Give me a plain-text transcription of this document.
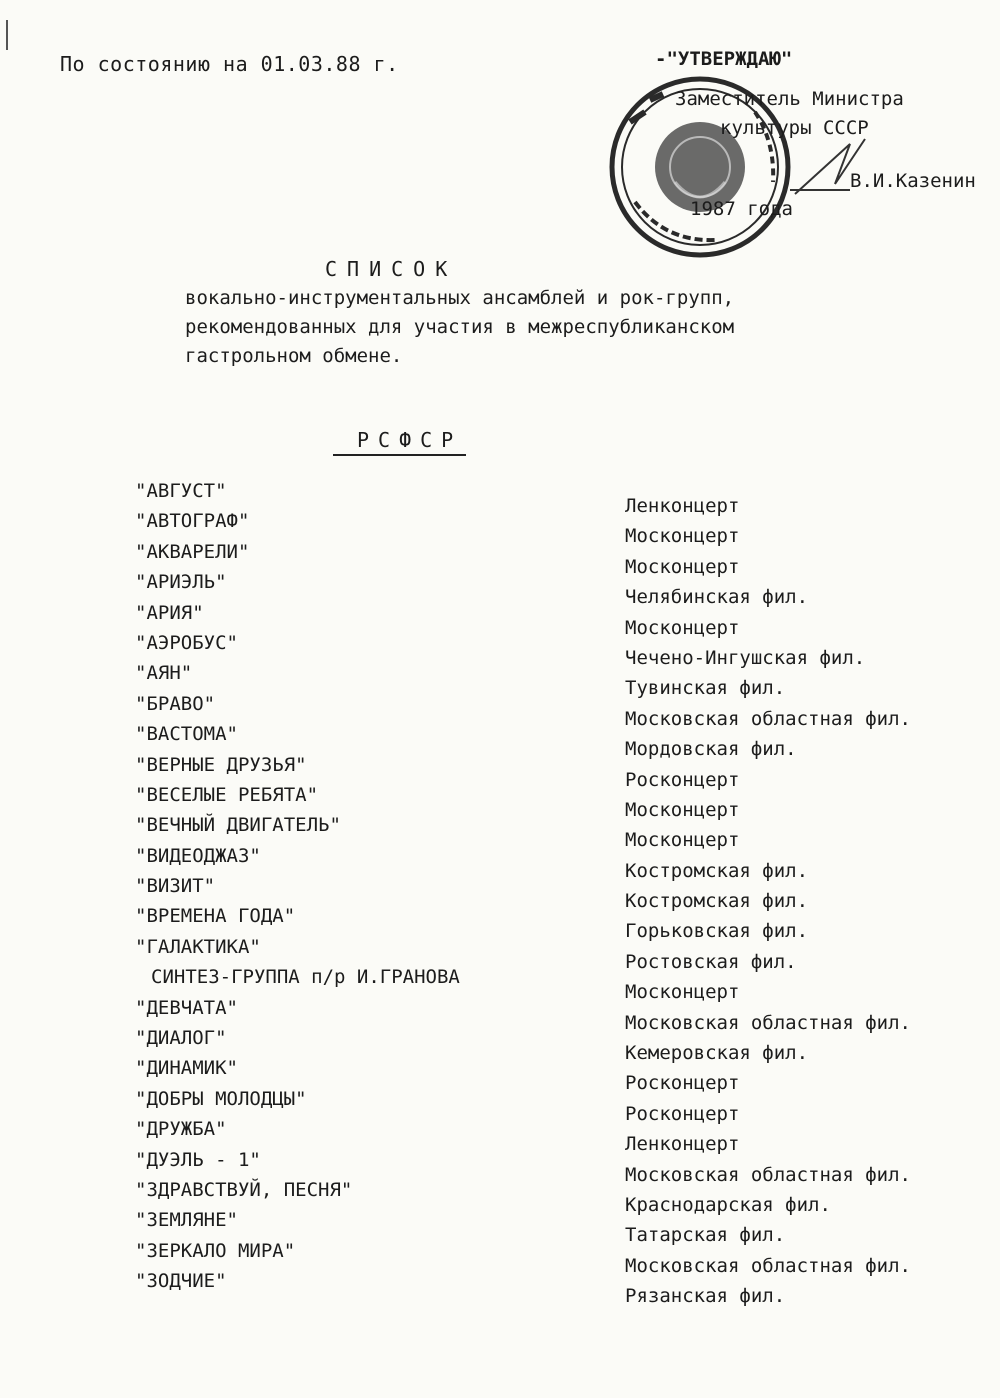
По состоянию на 01.03.88 г.	-"УТВЕРЖДАЮ"
Заместитель Министра
культуры СССР
В.И.Казенин
1987 года
СПИСОК
вокально-инструментальных ансамблей и рок-групп,
рекомендованных для участия в межреспубликанском
гастрольном обмене.
РСФСР
"АВГУСТ"
"АВТОГРАФ"
"АКВАРЕЛИ"
"АРИЭЛЬ"
"АРИЯ"
"АЭРОБУС"
"АЯН"
"БРАВО"
"ВАСТОМА"
"ВЕРНЫЕ ДРУЗЬЯ"
"ВЕСЕЛЫЕ РЕБЯТА"
"ВЕЧНЫЙ ДВИГАТЕЛЬ"
"ВИДЕОДЖАЗ"
"ВИЗИТ"
"ВРЕМЕНА ГОДА"
"ГАЛАКТИКА"
СИНТЕЗ-ГРУППА п/р И.ГРАНОВА
"ДЕВЧАТА"
"ДИАЛОГ"
"ДИНАМИК"
"ДОБРЫ МОЛОДЦЫ"
"ДРУЖБА"
"ДУЭЛЬ - 1"
"ЗДРАВСТВУЙ, ПЕСНЯ"
"ЗЕМЛЯНЕ"
"ЗЕРКАЛО МИРА"
"ЗОДЧИЕ"
Ленконцерт
Москонцерт
Москонцерт
Челябинская фил.
Москонцерт
Чечено-Ингушская фил.
Тувинская фил.
Московская областная фил.
Мордовская фил.
Росконцерт
Москонцерт
Москонцерт
Костромская фил.
Костромская фил.
Горьковская фил.
Ростовская фил.
Москонцерт
Московская областная фил.
Кемеровская фил.
Росконцерт
Росконцерт
Ленконцерт
Московская областная фил.
Краснодарская фил.
Татарская фил.
Московская областная фил.
Рязанская фил.
